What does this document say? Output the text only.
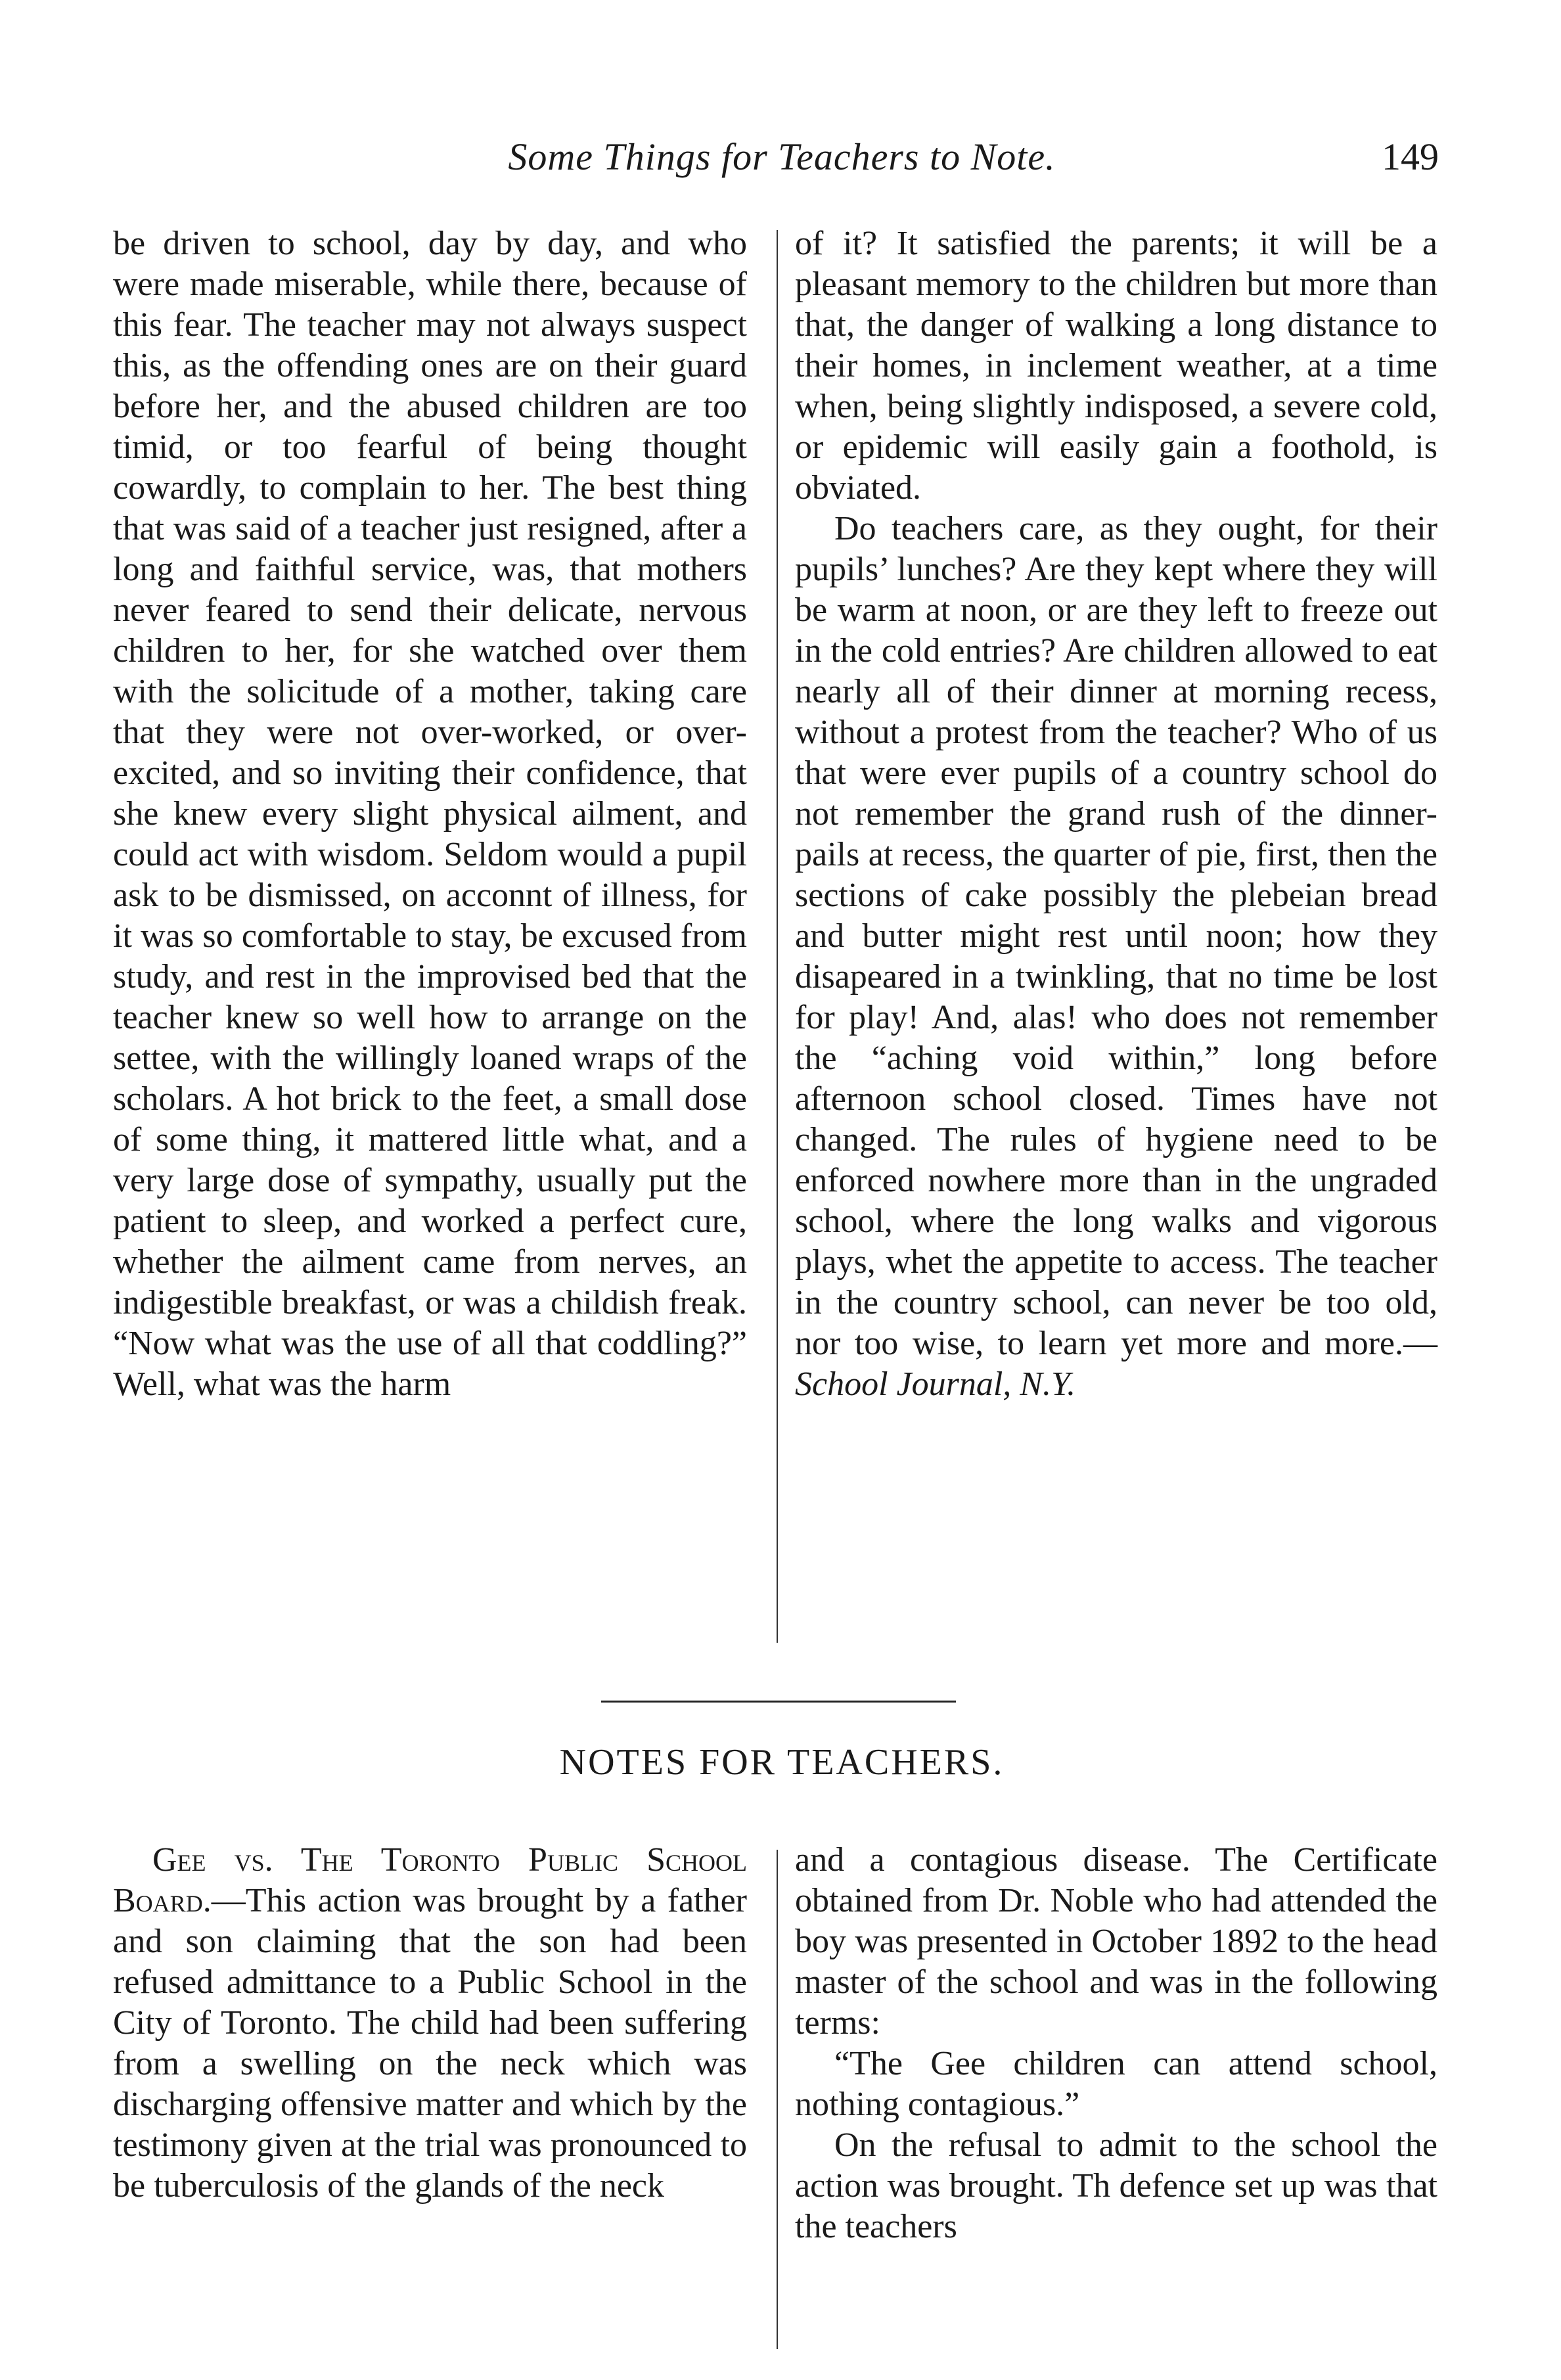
Some Things for Teachers to Note.	149

be driven to school, day by day, and who were made miserable, while there, because of this fear. The teacher may not always suspect this, as the offending ones are on their guard before her, and the abused children are too timid, or too fearful of being thought cowardly, to complain to her. The best thing that was said of a teacher just resigned, after a long and faithful service, was, that mothers never feared to send their delicate, nervous children to her, for she watched over them with the solicitude of a mother, taking care that they were not over-worked, or over-excited, and so inviting their confidence, that she knew every slight physical ailment, and could act with wisdom. Seldom would a pupil ask to be dismissed, on acconnt of illness, for it was so comfortable to stay, be excused from study, and rest in the improvised bed that the teacher knew so well how to arrange on the settee, with the willingly loaned wraps of the scholars. A hot brick to the feet, a small dose of some thing, it mattered little what, and a very large dose of sympathy, usually put the patient to sleep, and worked a perfect cure, whether the ailment came from nerves, an indigestible breakfast, or was a childish freak. “Now what was the use of all that coddling?” Well, what was the harm

of it? It satisfied the parents; it will be a pleasant memory to the children but more than that, the danger of walking a long distance to their homes, in inclement weather, at a time when, being slightly indisposed, a severe cold, or epidemic will easily gain a foothold, is obviated.

Do teachers care, as they ought, for their pupils’ lunches? Are they kept where they will be warm at noon, or are they left to freeze out in the cold entries? Are children allowed to eat nearly all of their dinner at morning recess, without a protest from the teacher? Who of us that were ever pupils of a country school do not remember the grand rush of the dinner-pails at recess, the quarter of pie, first, then the sections of cake possibly the plebeian bread and butter might rest until noon; how they disapeared in a twinkling, that no time be lost for play! And, alas! who does not remember the “aching void within,” long before afternoon school closed. Times have not changed. The rules of hygiene need to be enforced nowhere more than in the ungraded school, where the long walks and vigorous plays, whet the appetite to access. The teacher in the country school, can never be too old, nor too wise, to learn yet more and more.—School Journal, N.Y.

NOTES FOR TEACHERS.

Gee vs. The Toronto Public School Board.—This action was brought by a father and son claiming that the son had been refused admittance to a Public School in the City of Toronto. The child had been suffering from a swelling on the neck which was discharging offensive matter and which by the testimony given at the trial was pronounced to be tuberculosis of the glands of the neck

and a contagious disease. The Certificate obtained from Dr. Noble who had attended the boy was presented in October 1892 to the head master of the school and was in the following terms:

“The Gee children can attend school, nothing contagious.”

On the refusal to admit to the school the action was brought. Th defence set up was that the teachers
